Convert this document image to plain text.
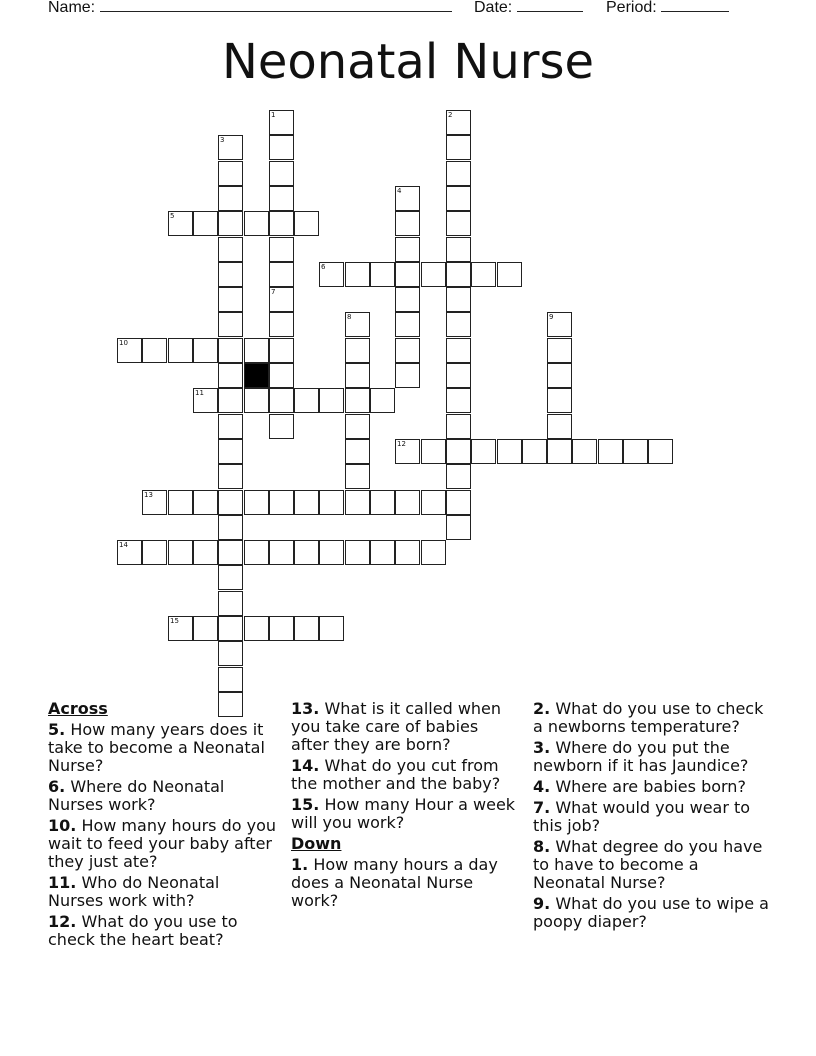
Name:	Date:	Period:
Neonatal Nurse
1
7
2
3
4
5
6
8	9
10
11
12
13
14
15
Across
5. How many years does it take to become a Neonatal Nurse?
6. Where do Neonatal Nurses work?
10. How many hours do you wait to feed your baby after they just ate?
11. Who do Neonatal Nurses work with?
12. What do you use to check the heart beat?
13. What is it called when you take care of babies after they are born?
14. What do you cut from the mother and the baby?
15. How many Hour a week will you work?
Down
1. How many hours a day does a Neonatal Nurse work?
2. What do you use to check a newborns temperature?
3. Where do you put the newborn if it has Jaundice?
4. Where are babies born?
7. What would you wear to this job?
8. What degree do you have to have to become a Neonatal Nurse?
9. What do you use to wipe a poopy diaper?
